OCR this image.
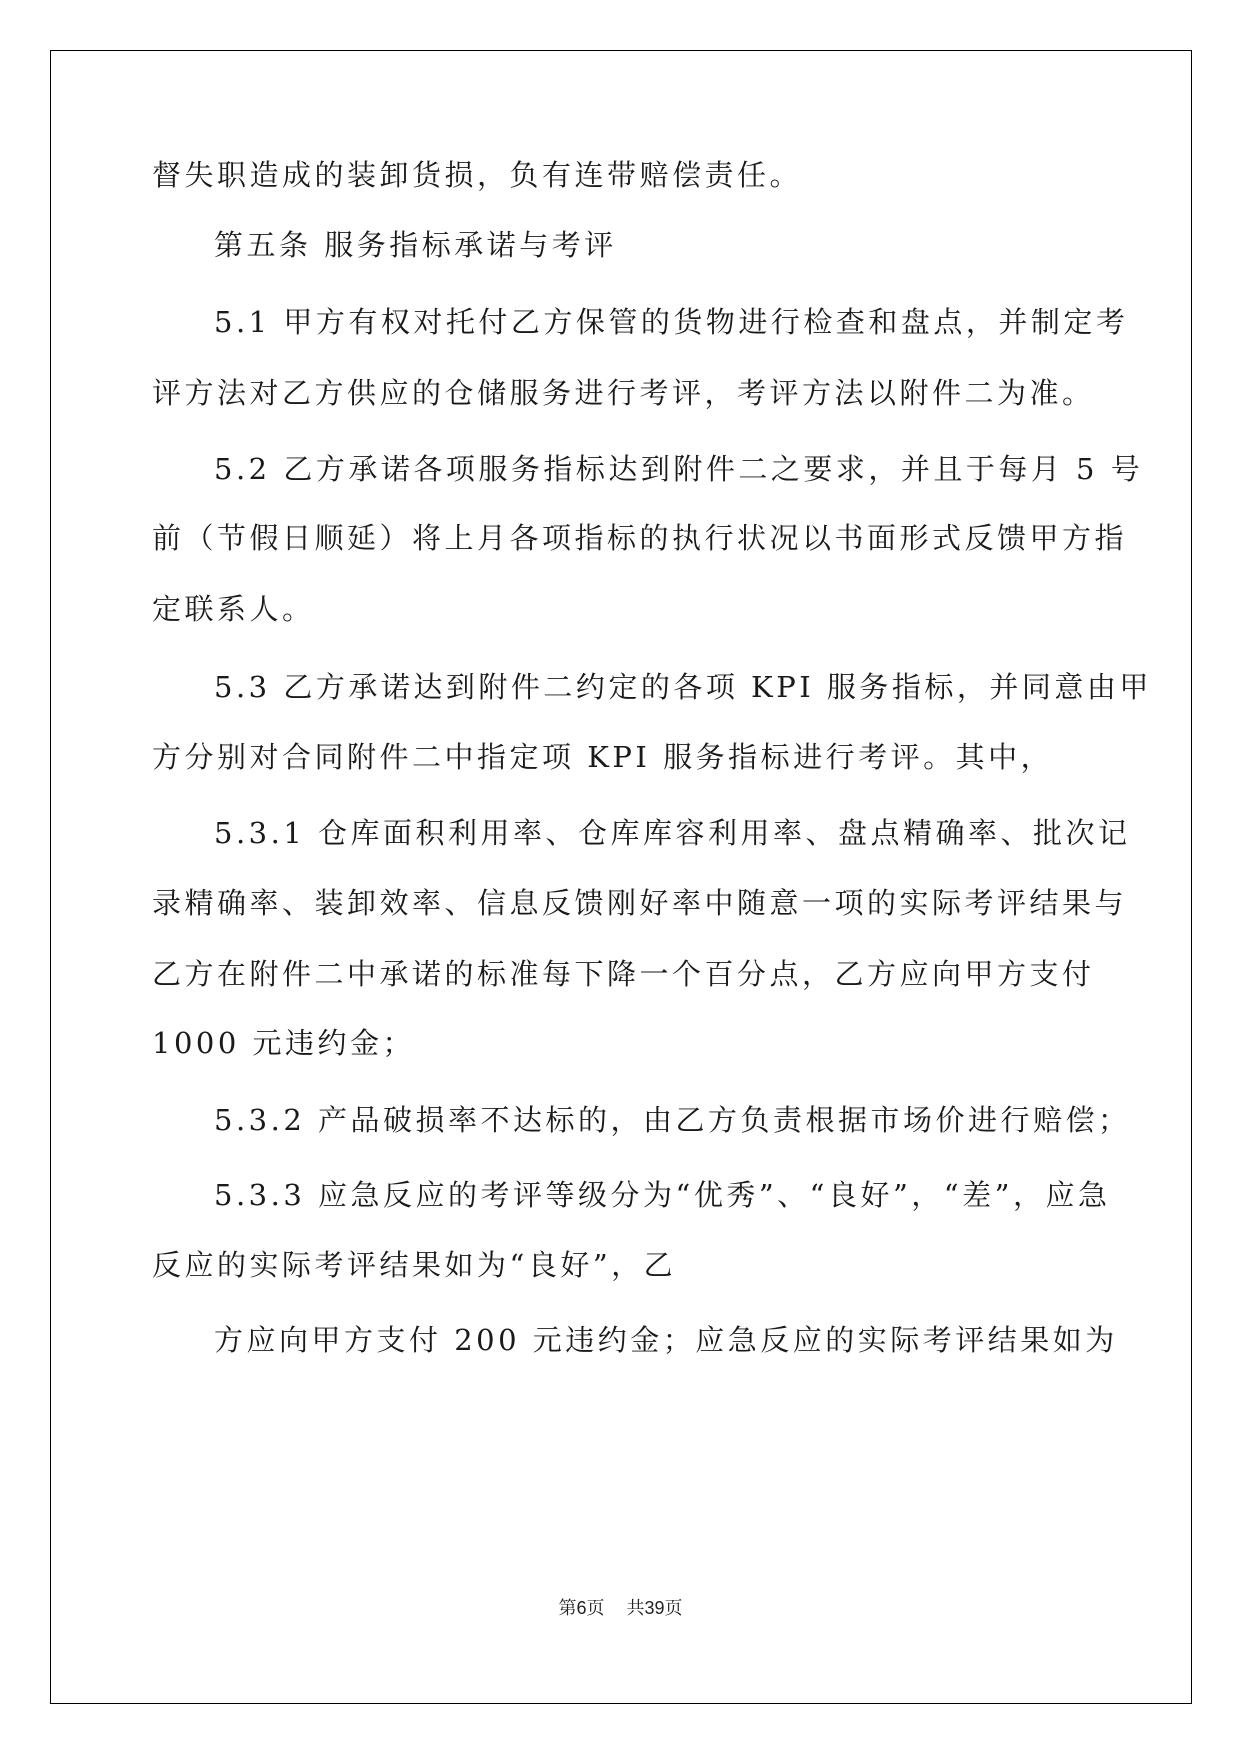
督失职造成的装卸货损，负有连带赔偿责任。
第五条 服务指标承诺与考评
5.1 甲方有权对托付乙方保管的货物进行检查和盘点，并制定考
评方法对乙方供应的仓储服务进行考评，考评方法以附件二为准。
5.2 乙方承诺各项服务指标达到附件二之要求，并且于每月 5 号
前（节假日顺延）将上月各项指标的执行状况以书面形式反馈甲方指
定联系人。
5.3 乙方承诺达到附件二约定的各项 KPI 服务指标，并同意由甲
方分别对合同附件二中指定项 KPI 服务指标进行考评。其中，
5.3.1 仓库面积利用率、仓库库容利用率、盘点精确率、批次记
录精确率、装卸效率、信息反馈刚好率中随意一项的实际考评结果与
乙方在附件二中承诺的标准每下降一个百分点，乙方应向甲方支付
1000 元违约金；
5.3.2 产品破损率不达标的，由乙方负责根据市场价进行赔偿；
5.3.3 应急反应的考评等级分为“优秀”、“良好”，“差”，应急
反应的实际考评结果如为“良好”，乙
方应向甲方支付 200 元违约金；应急反应的实际考评结果如为
第6页 共39页
